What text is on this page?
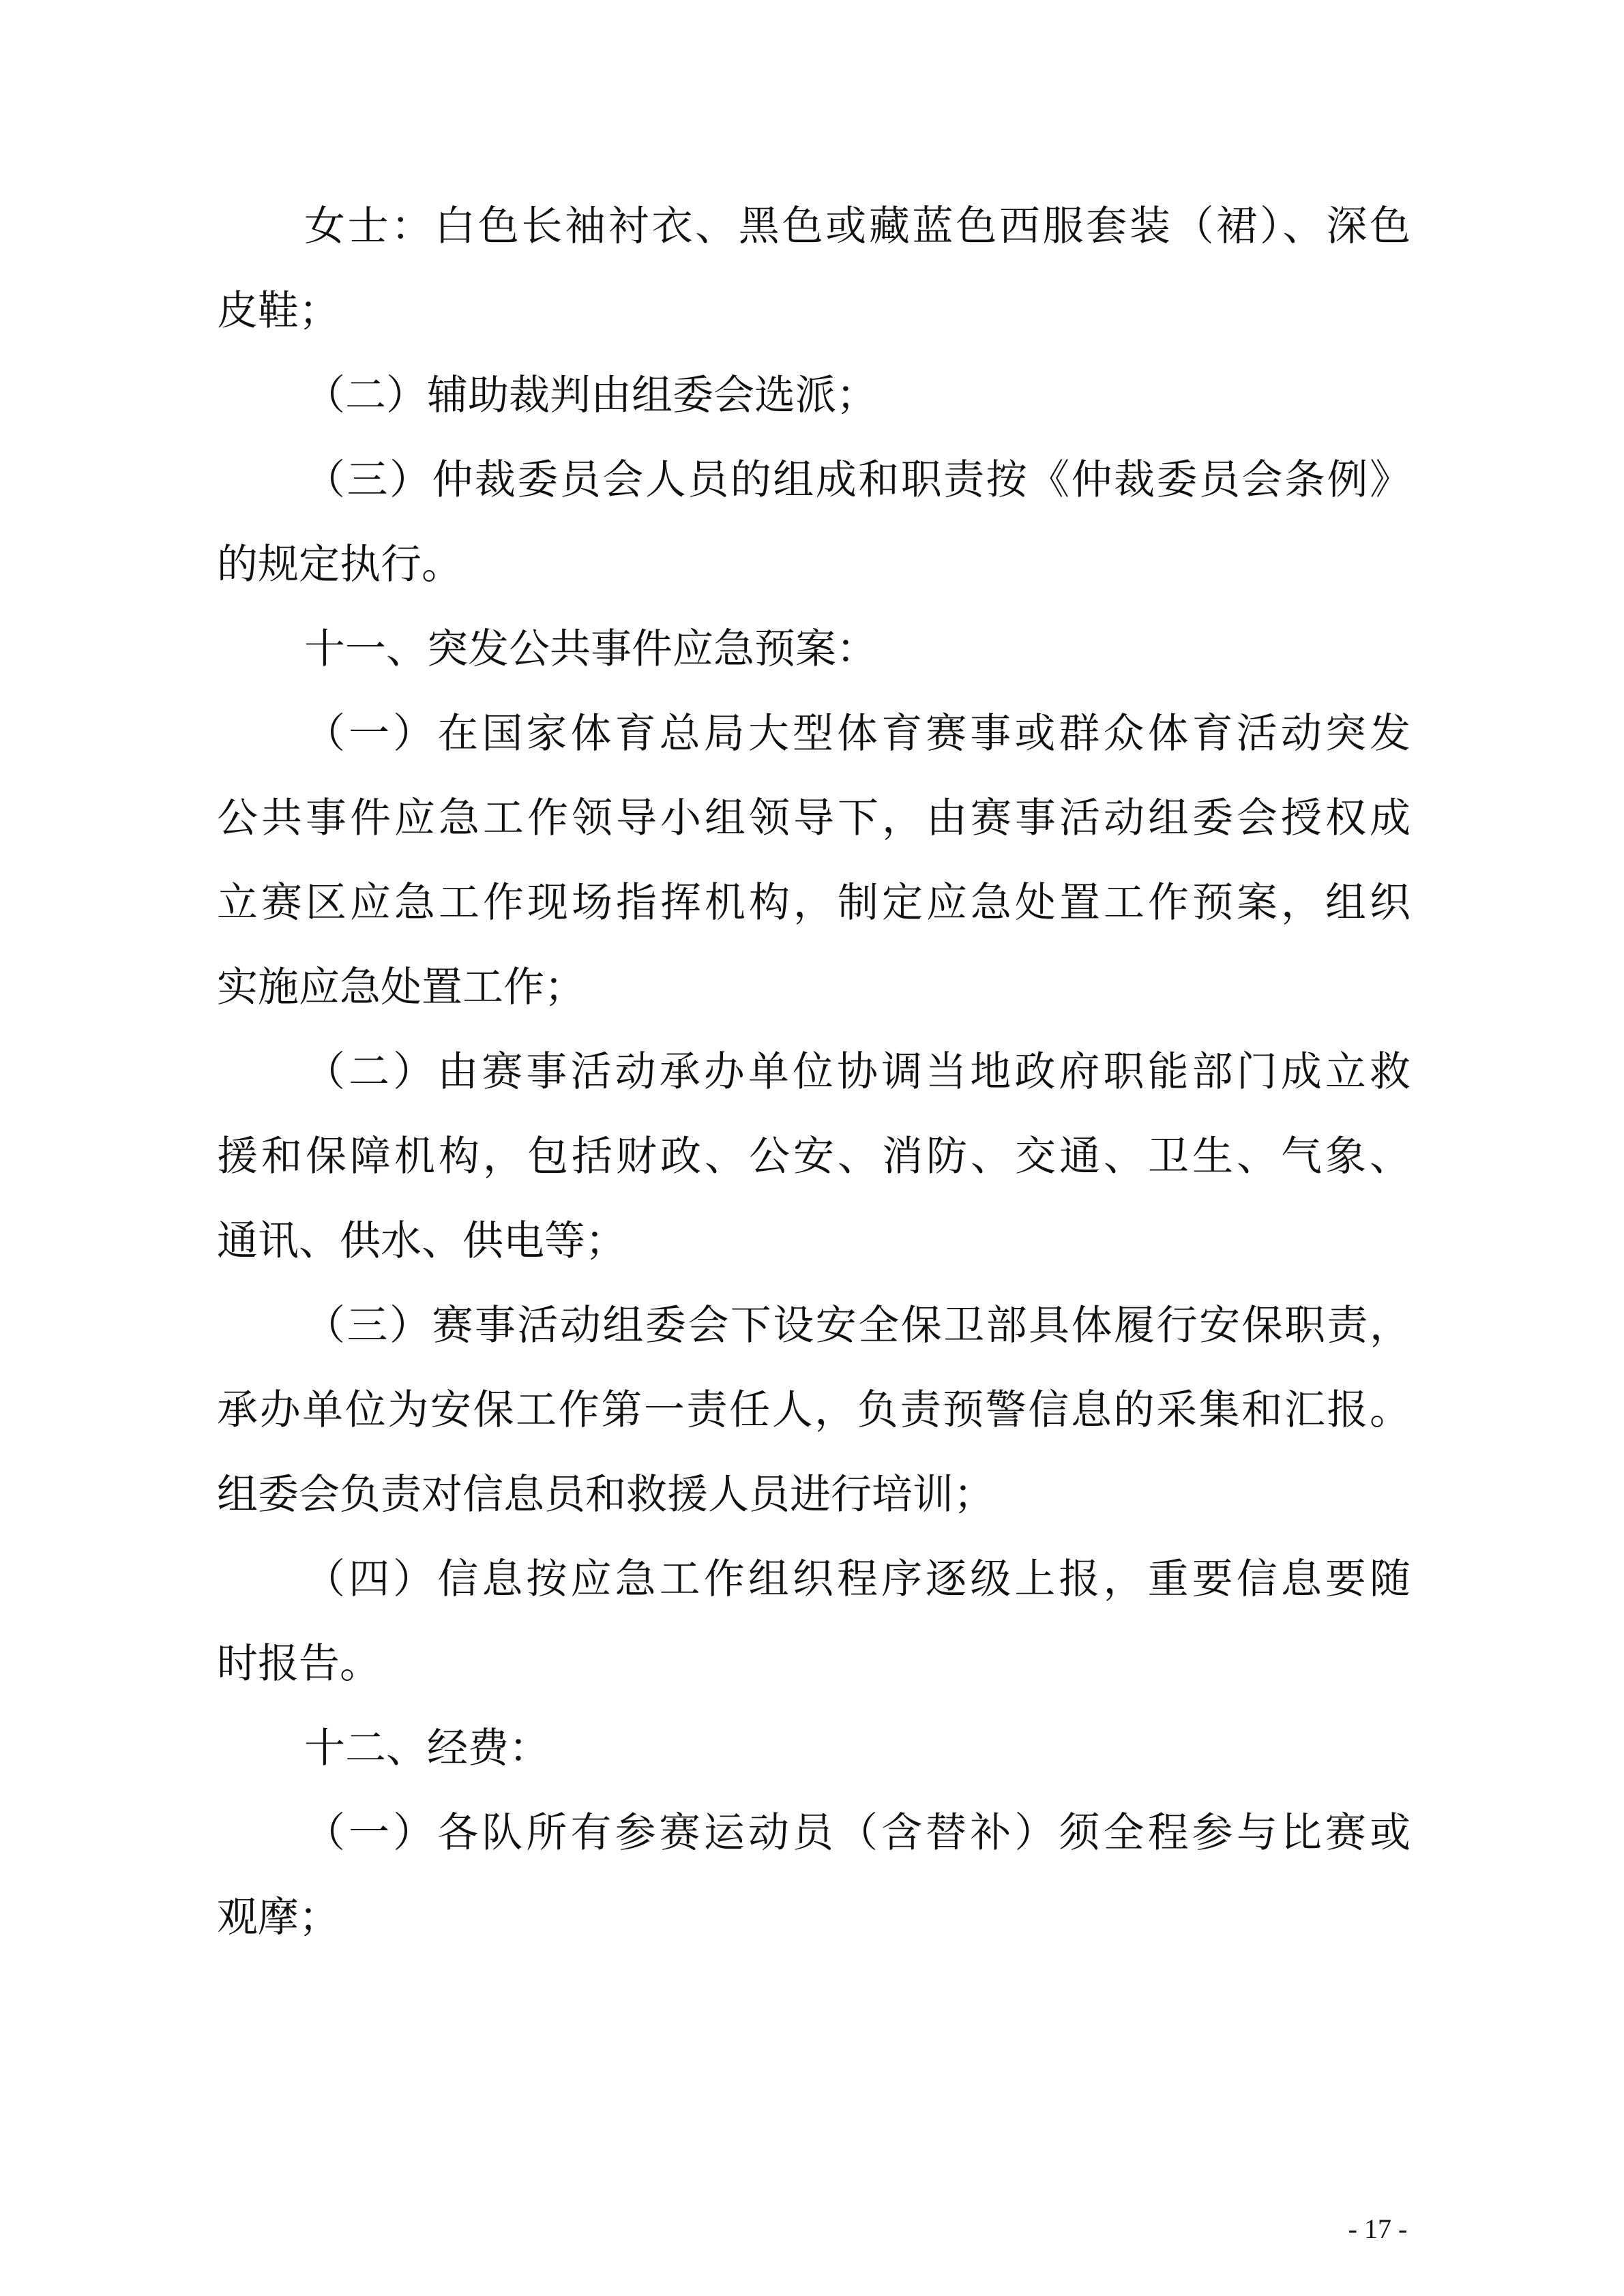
女士：白色长袖衬衣、黑色或藏蓝色西服套装（裙）、深色
皮鞋；
（二）辅助裁判由组委会选派；
（三）仲裁委员会人员的组成和职责按《仲裁委员会条例》
的规定执行。
十一、突发公共事件应急预案：
（一）在国家体育总局大型体育赛事或群众体育活动突发
公共事件应急工作领导小组领导下，由赛事活动组委会授权成
立赛区应急工作现场指挥机构，制定应急处置工作预案，组织
实施应急处置工作；
（二）由赛事活动承办单位协调当地政府职能部门成立救
援和保障机构，包括财政、公安、消防、交通、卫生、气象、
通讯、供水、供电等；
（三）赛事活动组委会下设安全保卫部具体履行安保职责，
承办单位为安保工作第一责任人，负责预警信息的采集和汇报。
组委会负责对信息员和救援人员进行培训；
（四）信息按应急工作组织程序逐级上报，重要信息要随
时报告。
十二、经费：
（一）各队所有参赛运动员（含替补）须全程参与比赛或
观摩；
- 17 -
